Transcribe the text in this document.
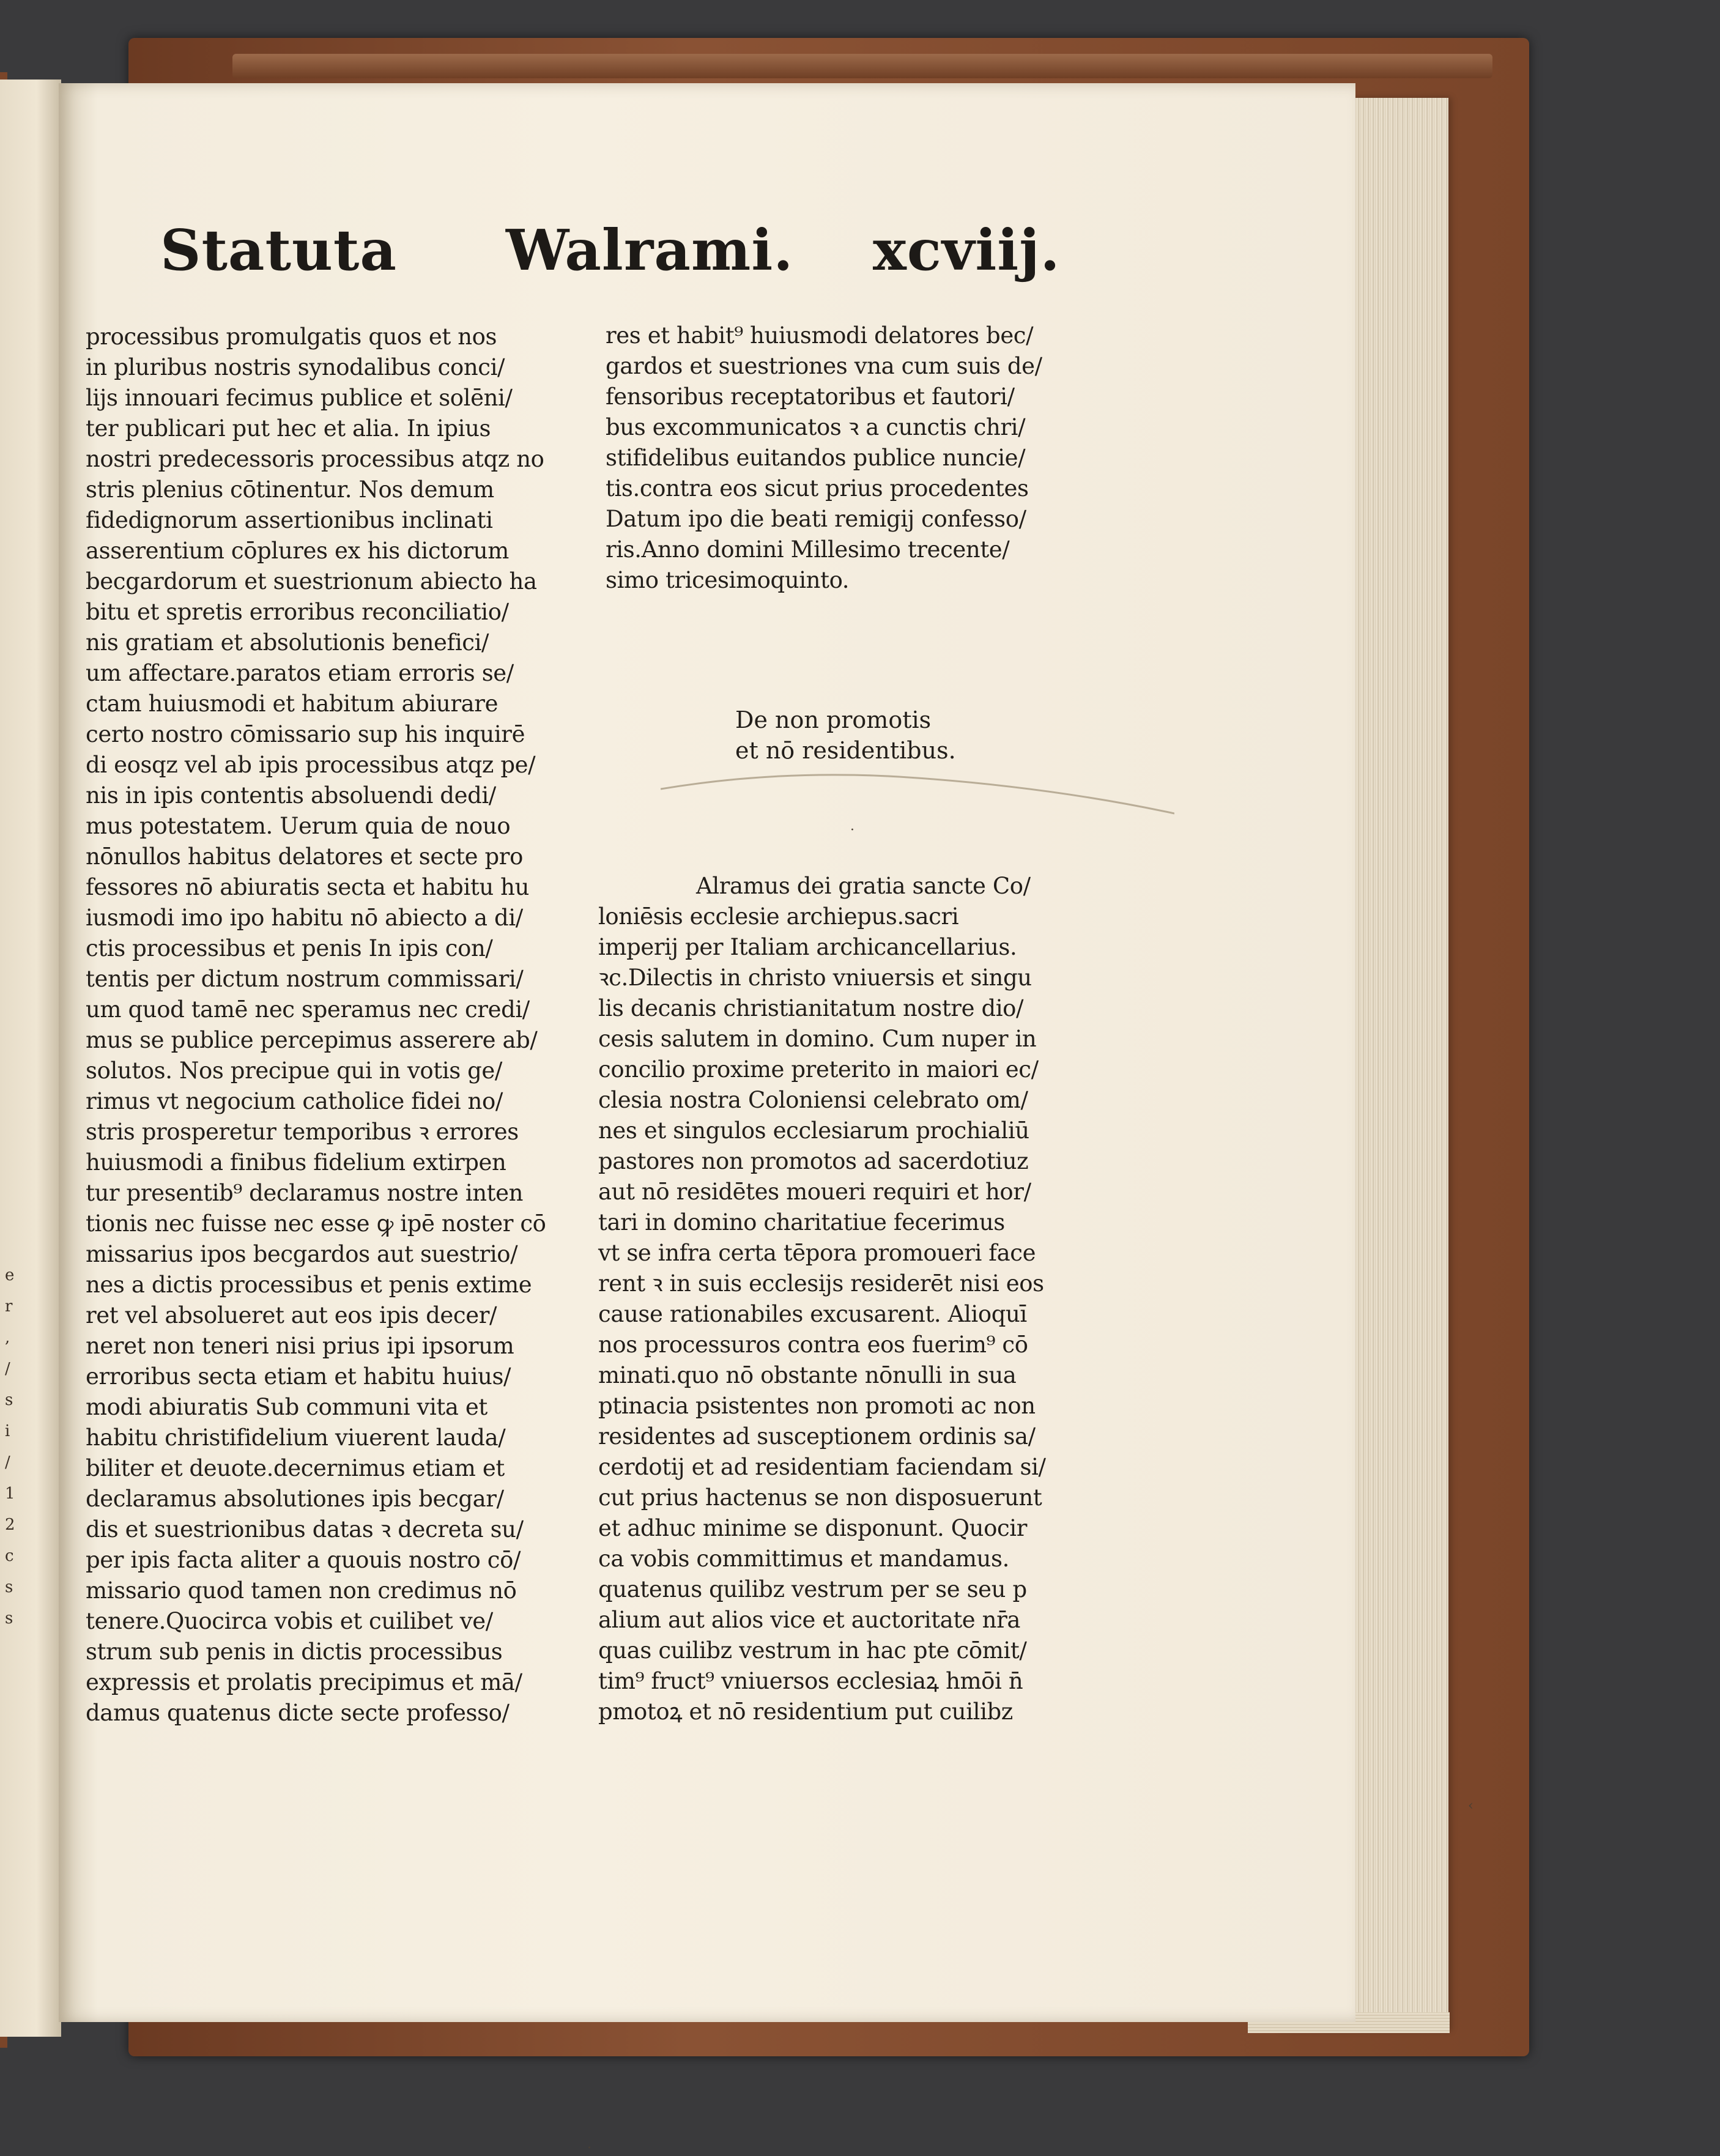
Statuta Walrami. xcviij.
processibus promulgatis quos et nos
in pluribus nostris synodalibus conci/
lijs innouari fecimus publice et solēni/
ter publicari put hec et alia. In ipius
nostri predecessoris processibus atqz no
stris plenius cōtinentur. Nos demum
fidedignorum assertionibus inclinati
asserentium cōplures ex his dictorum
becgardorum et suestrionum abiecto ha
bitu et spretis erroribus reconciliatio/
nis gratiam et absolutionis benefici/
um affectare.paratos etiam erroris se/
ctam huiusmodi et habitum abiurare
certo nostro cōmissario sup his inquirē
di eosqz vel ab ipis processibus atqz pe/
nis in ipis contentis absoluendi dedi/
mus potestatem. Uerum quia de nouo
nōnullos habitus delatores et secte pro
fessores nō abiuratis secta et habitu hu
iusmodi imo ipo habitu nō abiecto a di/
ctis processibus et penis In ipis con/
tentis per dictum nostrum commissari/
um quod tamē nec speramus nec credi/
mus se publice percepimus asserere ab/
solutos. Nos precipue qui in votis ge/
rimus vt negocium catholice fidei no/
stris prosperetur temporibus ꝛ errores
huiusmodi a finibus fidelium extirpen
tur presentib⁹ declaramus nostre inten
tionis nec fuisse nec esse ꝙ ipē noster cō
missarius ipos becgardos aut suestrio/
nes a dictis processibus et penis extime
ret vel absolueret aut eos ipis decer/
neret non teneri nisi prius ipi ipsorum
erroribus secta etiam et habitu huius/
modi abiuratis Sub communi vita et
habitu christifidelium viuerent lauda/
biliter et deuote.decernimus etiam et
declaramus absolutiones ipis becgar/
dis et suestrionibus datas ꝛ decreta su/
per ipis facta aliter a quouis nostro cō/
missario quod tamen non credimus nō
tenere.Quocirca vobis et cuilibet ve/
strum sub penis in dictis processibus
expressis et prolatis precipimus et mā/
damus quatenus dicte secte professo/
res et habit⁹ huiusmodi delatores bec/
gardos et suestriones vna cum suis de/
fensoribus receptatoribus et fautori/
bus excommunicatos ꝛ a cunctis chri/
stifidelibus euitandos publice nuncie/
tis.contra eos sicut prius procedentes
Datum ipo die beati remigij confesso/
ris.Anno domini Millesimo trecente/
simo tricesimoquinto.
De non promotis
et nō residentibus.
Alramus dei gratia sancte Co/
loniēsis ecclesie archiepus.sacri
imperij per Italiam archicancellarius.
ꝛc.Dilectis in christo vniuersis et singu
lis decanis christianitatum nostre dio/
cesis salutem in domino. Cum nuper in
concilio proxime preterito in maiori ec/
clesia nostra Coloniensi celebrato om/
nes et singulos ecclesiarum prochialiū
pastores non promotos ad sacerdotiuz
aut nō residētes moueri requiri et hor/
tari in domino charitatiue fecerimus
vt se infra certa tēpora promoueri face
rent ꝛ in suis ecclesijs residerēt nisi eos
cause rationabiles excusarent. Alioquī
nos processuros contra eos fuerim⁹ cō
minati.quo nō obstante nōnulli in sua
ptinacia psistentes non promoti ac non
residentes ad susceptionem ordinis sa/
cerdotij et ad residentiam faciendam si/
cut prius hactenus se non disposuerunt
et adhuc minime se disponunt. Quocir
ca vobis committimus et mandamus.
quatenus quilibz vestrum per se seu p
alium aut alios vice et auctoritate nr̄a
quas cuilibz vestrum in hac pte cōmit/
tim⁹ fruct⁹ vniuersos ecclesiaꝝ hmōi n̄
pmotoꝝ et nō residentium put cuilibz
e
r
,
/
s
i
/
1
2
c
s
s
·
·
‹
